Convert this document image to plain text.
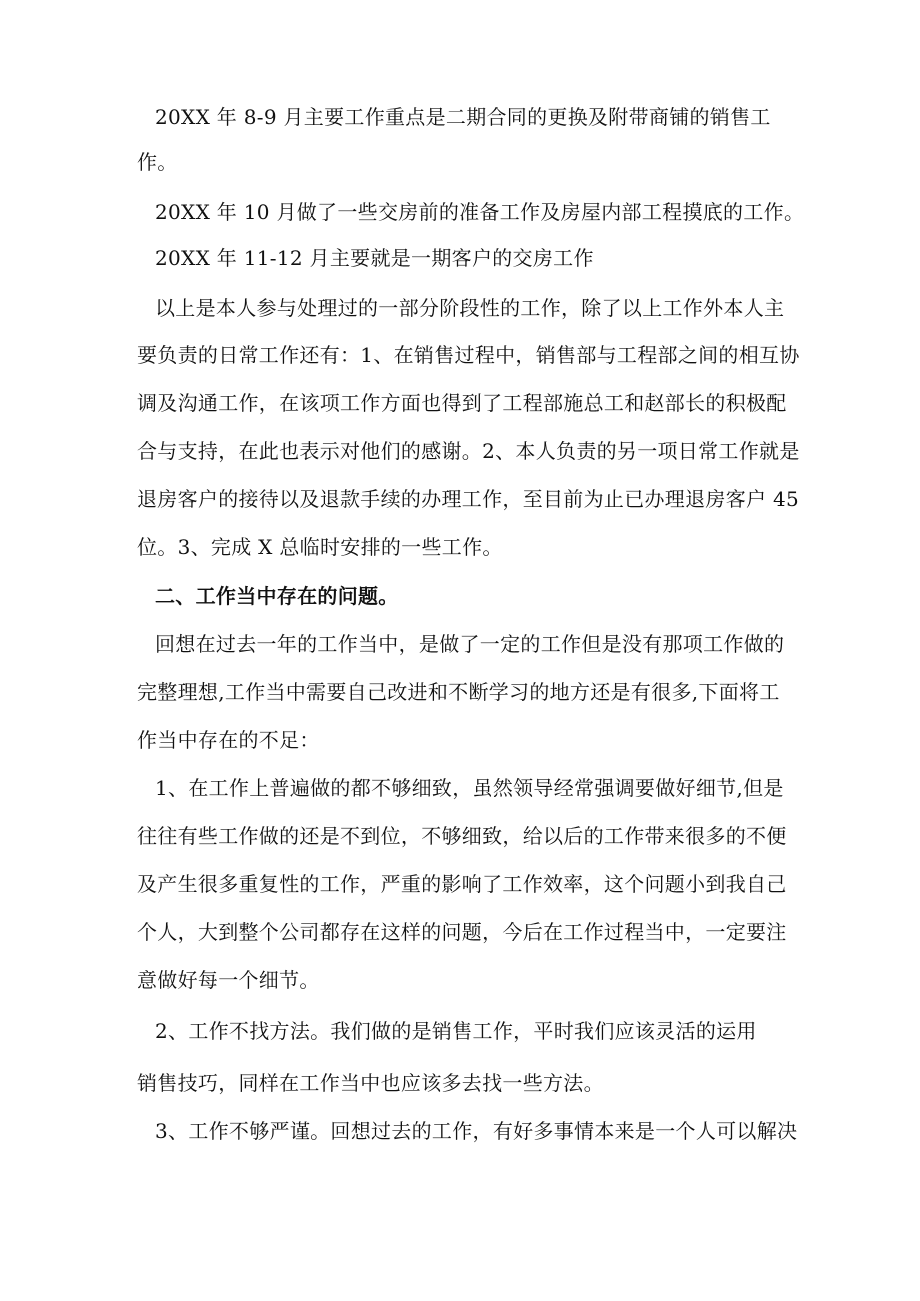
20XX 年 8-9 月主要工作重点是二期合同的更换及附带商铺的销售工
作。
20XX 年 10 月做了一些交房前的准备工作及房屋内部工程摸底的工作。
20XX 年 11-12 月主要就是一期客户的交房工作
以上是本人参与处理过的一部分阶段性的工作，除了以上工作外本人主
要负责的日常工作还有：1、在销售过程中，销售部与工程部之间的相互协
调及沟通工作，在该项工作方面也得到了工程部施总工和赵部长的积极配
合与支持，在此也表示对他们的感谢。2、本人负责的另一项日常工作就是
退房客户的接待以及退款手续的办理工作，至目前为止已办理退房客户 45
位。3、完成 X 总临时安排的一些工作。
二、工作当中存在的问题。
回想在过去一年的工作当中，是做了一定的工作但是没有那项工作做的
完整理想,工作当中需要自己改进和不断学习的地方还是有很多,下面将工
作当中存在的不足：
1、在工作上普遍做的都不够细致，虽然领导经常强调要做好细节,但是
往往有些工作做的还是不到位，不够细致，给以后的工作带来很多的不便
及产生很多重复性的工作，严重的影响了工作效率，这个问题小到我自己
个人，大到整个公司都存在这样的问题，今后在工作过程当中，一定要注
意做好每一个细节。
2、工作不找方法。我们做的是销售工作，平时我们应该灵活的运用
销售技巧，同样在工作当中也应该多去找一些方法。
3、工作不够严谨。回想过去的工作，有好多事情本来是一个人可以解决
